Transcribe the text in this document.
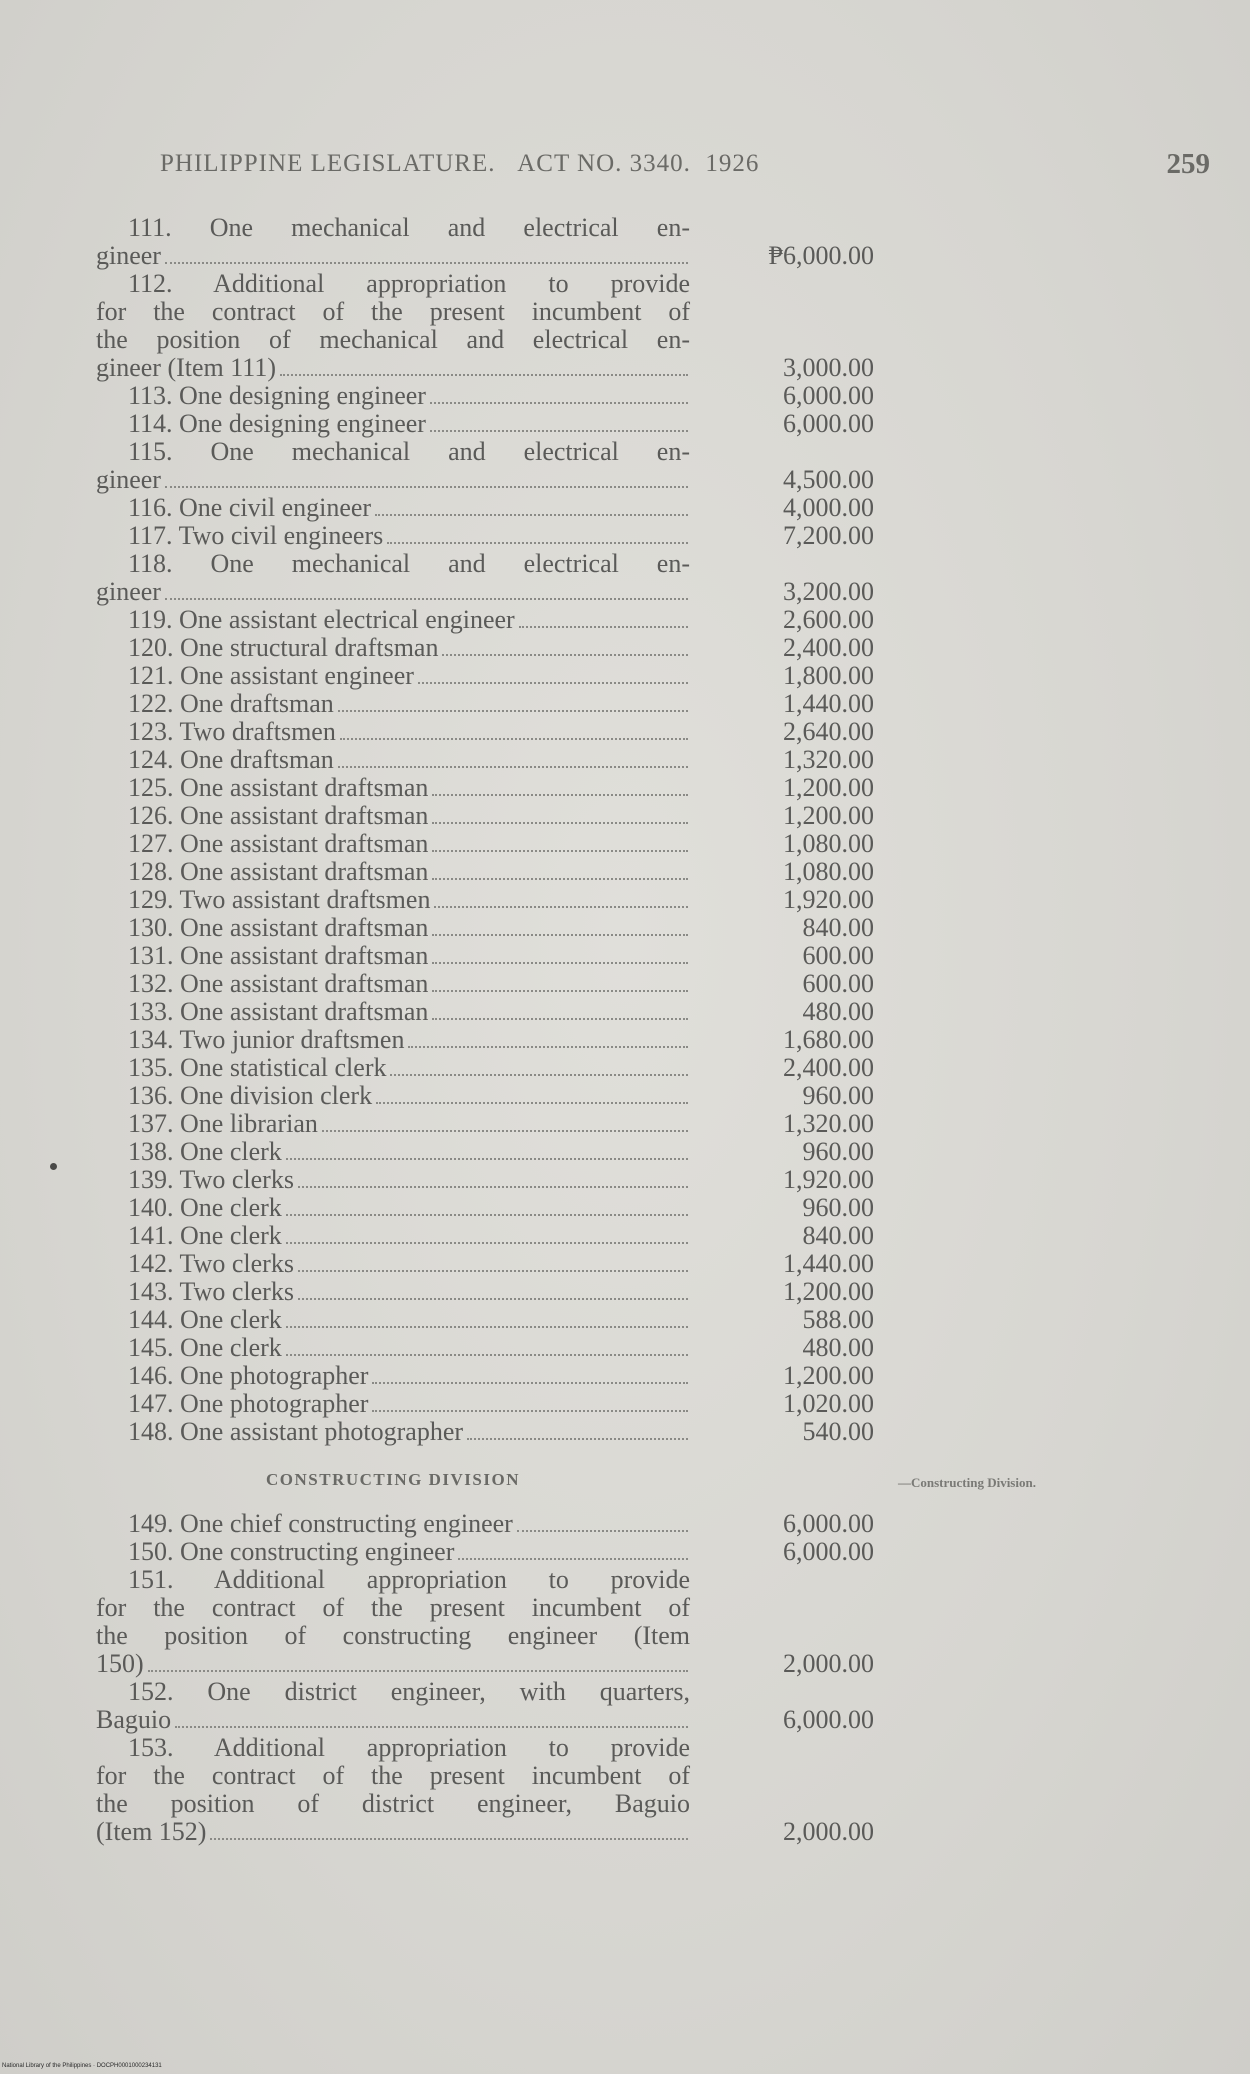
PHILIPPINE LEGISLATURE. ACT NO. 3340. 1926	259
111. One mechanical and electrical en-
gineer	₱6,000.00
112. Additional appropriation to provide
for the contract of the present incumbent of
the position of mechanical and electrical en-
gineer (Item 111)	3,000.00
113. One designing engineer	6,000.00
114. One designing engineer	6,000.00
115. One mechanical and electrical en-
gineer	4,500.00
116. One civil engineer	4,000.00
117. Two civil engineers	7,200.00
118. One mechanical and electrical en-
gineer	3,200.00
119. One assistant electrical engineer	2,600.00
120. One structural draftsman	2,400.00
121. One assistant engineer	1,800.00
122. One draftsman	1,440.00
123. Two draftsmen	2,640.00
124. One draftsman	1,320.00
125. One assistant draftsman	1,200.00
126. One assistant draftsman	1,200.00
127. One assistant draftsman	1,080.00
128. One assistant draftsman	1,080.00
129. Two assistant draftsmen	1,920.00
130. One assistant draftsman	840.00
131. One assistant draftsman	600.00
132. One assistant draftsman	600.00
133. One assistant draftsman	480.00
134. Two junior draftsmen	1,680.00
135. One statistical clerk	2,400.00
136. One division clerk	960.00
137. One librarian	1,320.00
138. One clerk	960.00
139. Two clerks	1,920.00
140. One clerk	960.00
141. One clerk	840.00
142. Two clerks	1,440.00
143. Two clerks	1,200.00
144. One clerk	588.00
145. One clerk	480.00
146. One photographer	1,200.00
147. One photographer	1,020.00
148. One assistant photographer	540.00
CONSTRUCTING DIVISION	—Constructing Division.
149. One chief constructing engineer	6,000.00
150. One constructing engineer	6,000.00
151. Additional appropriation to provide
for the contract of the present incumbent of
the position of constructing engineer (Item
150)	2,000.00
152. One district engineer, with quarters,
Baguio	6,000.00
153. Additional appropriation to provide
for the contract of the present incumbent of
the position of district engineer, Baguio
(Item 152)	2,000.00
National Library of the Philippines · DOCPH0001000234131
